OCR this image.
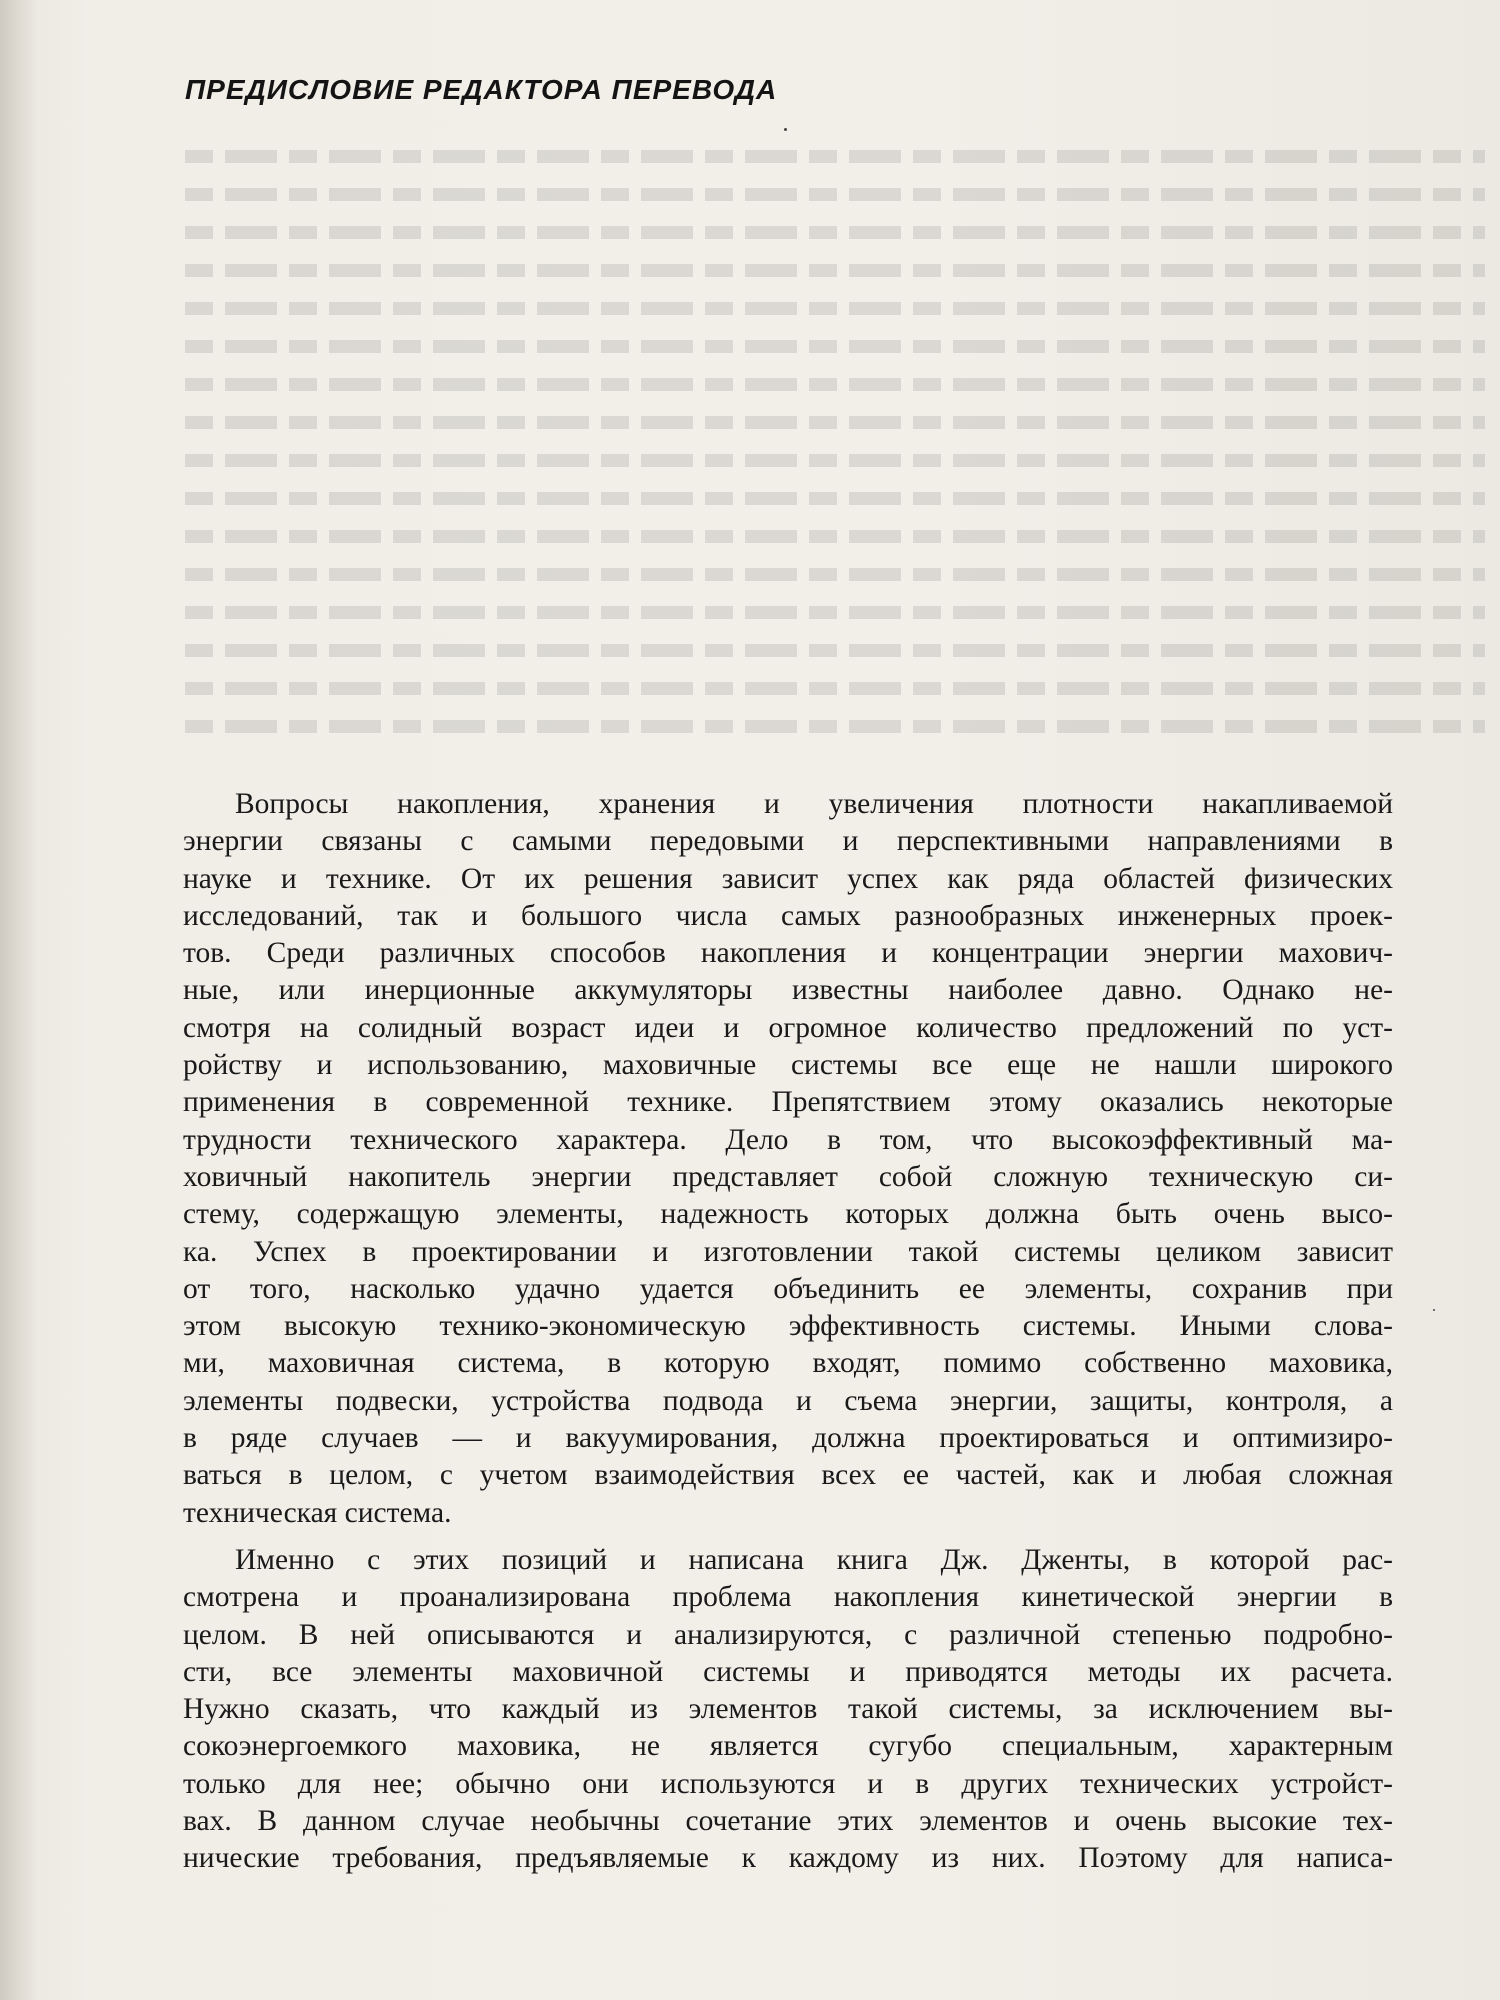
ПРЕДИСЛОВИЕ РЕДАКТОРА ПЕРЕВОДА
Вопросы накопления, хранения и увеличения плотности накапливаемой
энергии связаны с самыми передовыми и перспективными направлениями в
науке и технике. От их решения зависит успех как ряда областей физических
исследований, так и большого числа самых разнообразных инженерных проек-
тов. Среди различных способов накопления и концентрации энергии махович-
ные, или инерционные аккумуляторы известны наиболее давно. Однако не-
смотря на солидный возраст идеи и огромное количество предложений по уст-
ройству и использованию, маховичные системы все еще не нашли широкого
применения в современной технике. Препятствием этому оказались некоторые
трудности технического характера. Дело в том, что высокоэффективный ма-
ховичный накопитель энергии представляет собой сложную техническую си-
стему, содержащую элементы, надежность которых должна быть очень высо-
ка. Успех в проектировании и изготовлении такой системы целиком зависит
от того, насколько удачно удается объединить ее элементы, сохранив при
этом высокую технико-экономическую эффективность системы. Иными слова-
ми, маховичная система, в которую входят, помимо собственно маховика,
элементы подвески, устройства подвода и съема энергии, защиты, контроля, а
в ряде случаев — и вакуумирования, должна проектироваться и оптимизиро-
ваться в целом, с учетом взаимодействия всех ее частей, как и любая сложная
техническая система.
Именно с этих позиций и написана книга Дж. Дженты, в которой рас-
смотрена и проанализирована проблема накопления кинетической энергии в
целом. В ней описываются и анализируются, с различной степенью подробно-
сти, все элементы маховичной системы и приводятся методы их расчета.
Нужно сказать, что каждый из элементов такой системы, за исключением вы-
сокоэнергоемкого маховика, не является сугубо специальным, характерным
только для нее; обычно они используются и в других технических устройст-
вах. В данном случае необычны сочетание этих элементов и очень высокие тех-
нические требования, предъявляемые к каждому из них. Поэтому для написа-
